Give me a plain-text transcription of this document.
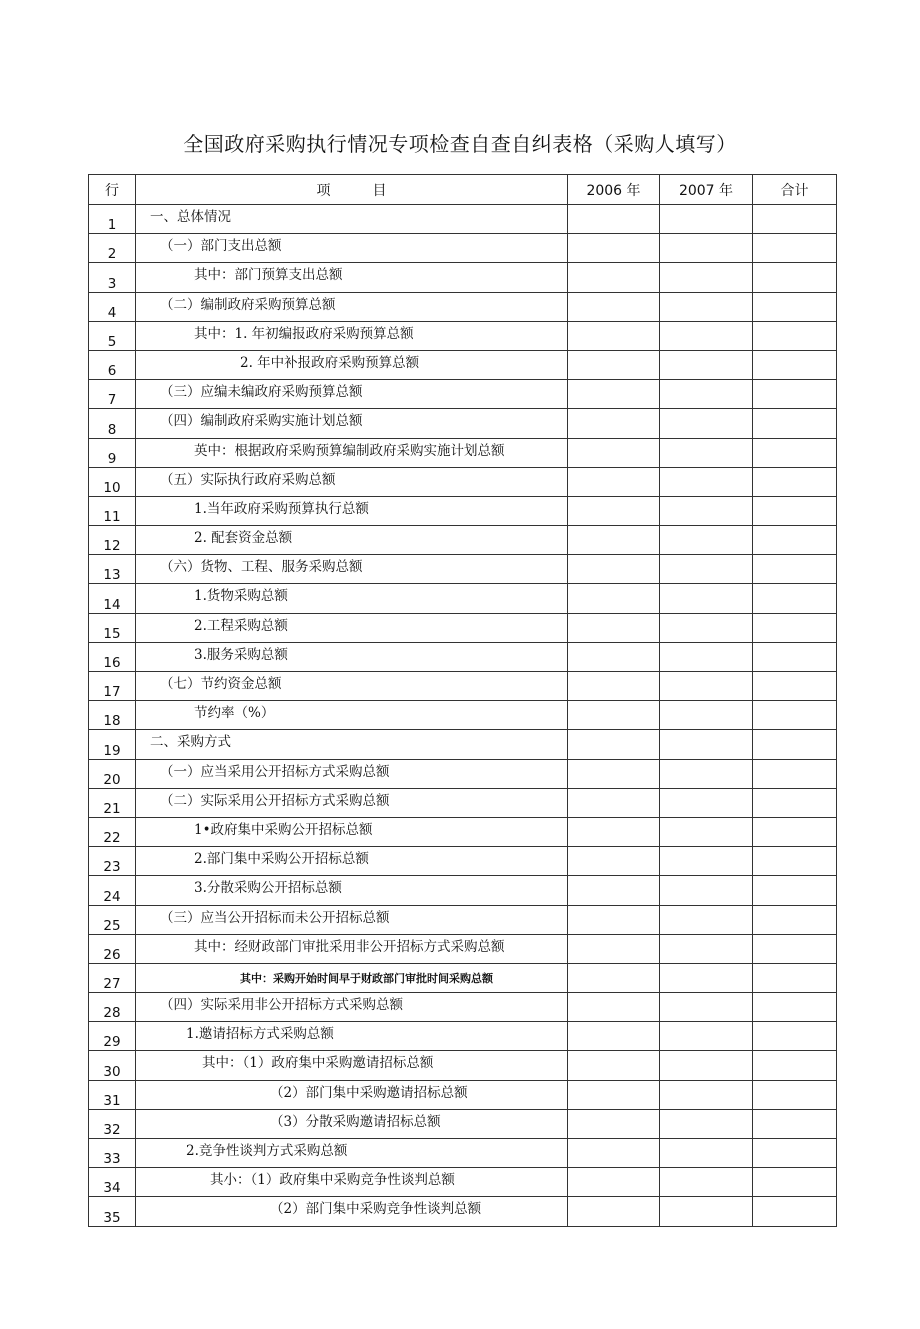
全国政府采购执行情况专项检查自查自纠表格（采购人填写）
行	项　　　目	2006 年	2007 年	合计
1	一、总体情况			
2	（一）部门支出总额			
3	其中：部门预算支出总额			
4	（二）编制政府采购预算总额			
5	其中：1. 年初编报政府采购预算总额			
6	2. 年中补报政府采购预算总额			
7	（三）应编未编政府采购预算总额			
8	（四）编制政府采购实施计划总额			
9	英中：根据政府采购预算编制政府采购实施计划总额			
10	（五）实际执行政府采购总额			
11	1.当年政府采购预算执行总额			
12	2. 配套资金总额			
13	（六）货物、工程、服务采购总额			
14	1.货物采购总额			
15	2.工程采购总额			
16	3.服务采购总额			
17	（七）节约资金总额			
18	节约率（%）			
19	二、采购方式			
20	（一）应当采用公开招标方式采购总额			
21	（二）实际采用公开招标方式采购总额			
22	1•政府集中采购公开招标总额			
23	2.部门集中采购公开招标总额			
24	3.分散采购公开招标总额			
25	（三）应当公开招标而未公开招标总额			
26	其中：经财政部门审批采用非公开招标方式采购总额			
27	其中：采购开始时间早于财政部门审批时间采购总额			
28	（四）实际采用非公开招标方式采购总额			
29	1.邀请招标方式采购总额			
30	其中：（1）政府集中采购邀请招标总额			
31	（2）部门集中采购邀请招标总额			
32	（3）分散采购邀请招标总额			
33	2.竞争性谈判方式采购总额			
34	其小：（1）政府集中采购竞争性谈判总额			
35	（2）部门集中采购竞争性谈判总额			
